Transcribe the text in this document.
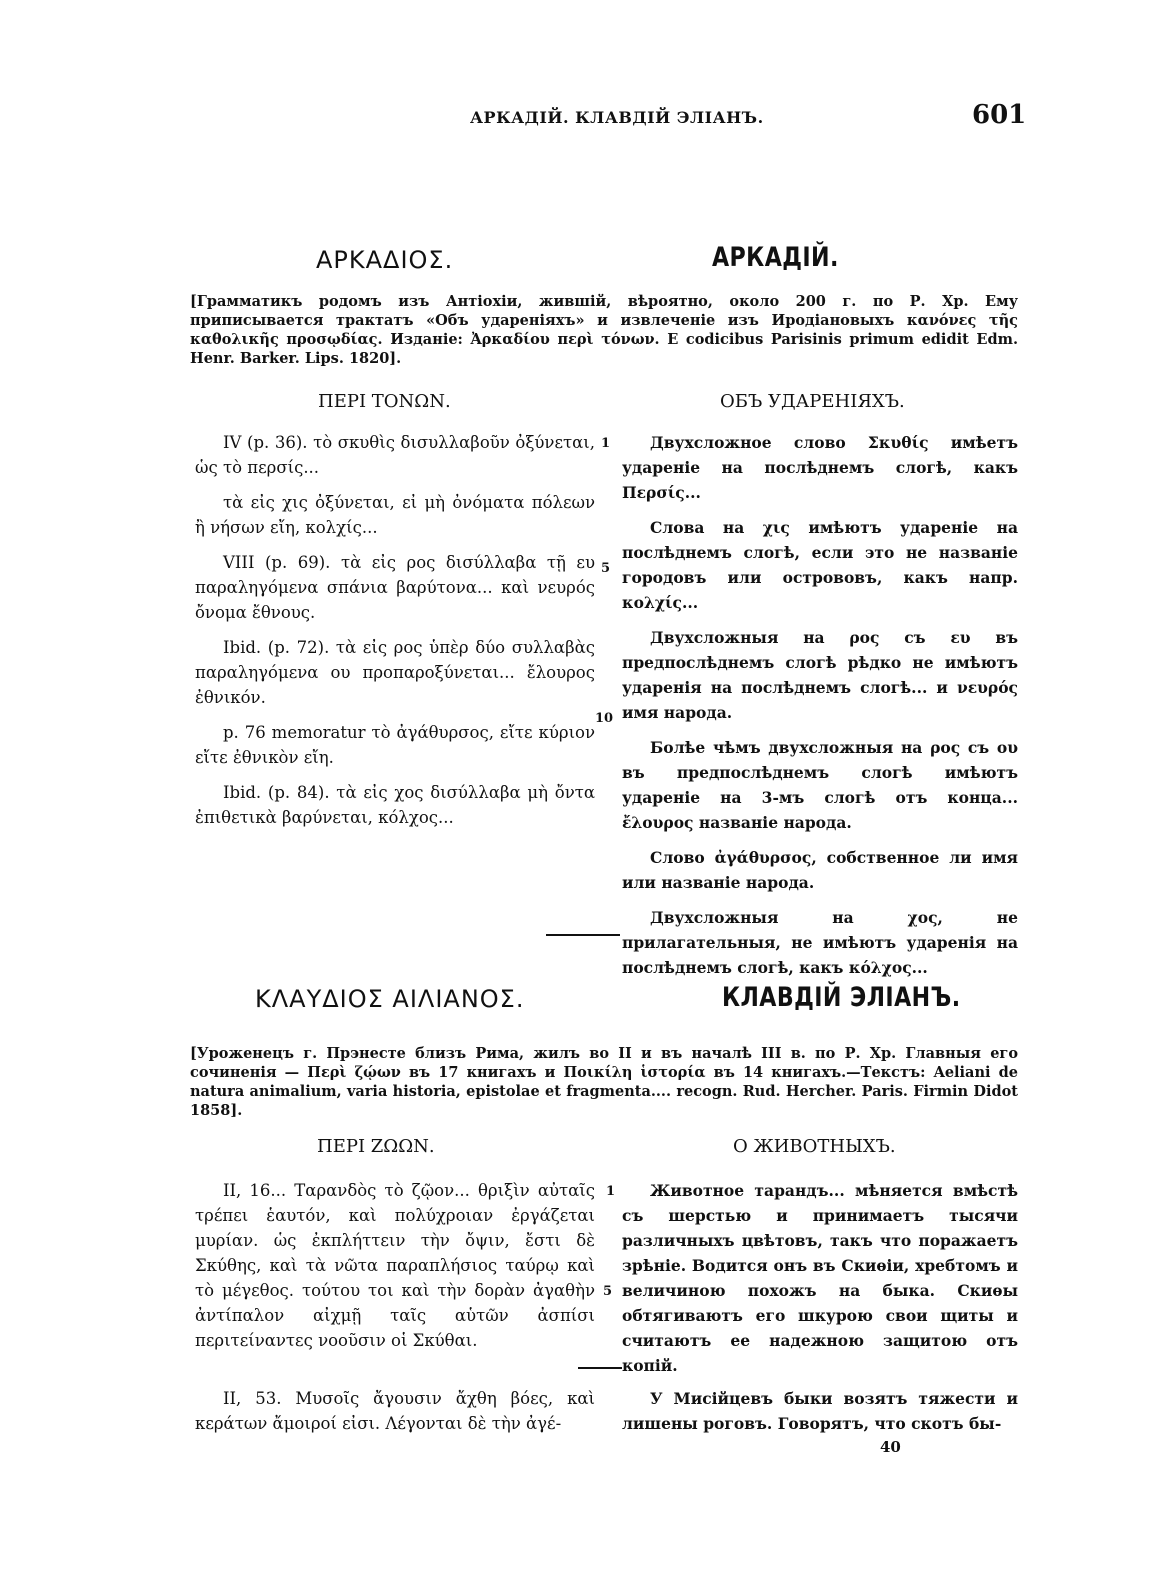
АРКАДІЙ. КЛАВДІЙ ЭЛІАНЪ.	601
ΑΡΚΑΔΙΟΣ.	АРКАДІЙ.
[Грамматикъ родомъ изъ Антіохіи, жившій, вѣроятно, около 200 г. по Р. Хр. Ему приписывается трактатъ «Объ удареніяхъ» и извлеченіе изъ Иродіановыхъ κανόνες τῆς καθολικῆς προσῳδίας. Изданіе: Ἀρκαδίου περὶ τόνων. E codicibus Parisinis primum edidit Edm. Henr. Barker. Lips. 1820].
ΠΕΡΙ ΤΟΝΩΝ.	ОБЪ УДАРЕНІЯХЪ.

IV (p. 36). τὸ σκυθὶς δισυλλαβοῦν ὀξύνεται, ὡς τὸ περσίς...

τὰ εἰς χις ὀξύνεται, εἰ μὴ ὀνόματα πόλεων ἢ νήσων εἴη, κολχίς...

VIII (p. 69). τὰ εἰς ρος δισύλλαβα τῇ ευ παραληγόμενα σπάνια βαρύτονα... καὶ νευρός ὄνομα ἔθνους.

Ibid. (p. 72). τὰ εἰς ρος ὑπὲρ δύο συλλαβὰς παραληγόμενα ου προπαροξύνεται... ἔλουρος ἐθνικόν.

p. 76 memoratur τὸ ἀγάθυρσος, εἴτε κύριον εἴτε ἐθνικὸν εἴη.

Ibid. (p. 84). τὰ εἰς χος δισύλλαβα μὴ ὄντα ἐπιθετικὰ βαρύνεται, κόλχος...

1
5
10

Двухсложное слово Σκυθίς имѣетъ удареніе на послѣднемъ слогѣ, какъ Περσίς...

Слова на χις имѣютъ удареніе на послѣднемъ слогѣ, если это не названіе городовъ или острововъ, какъ напр. κολχίς...

Двухсложныя на ρος съ ευ въ предпослѣднемъ слогѣ рѣдко не имѣютъ ударенія на послѣднемъ слогѣ... и νευρός имя народа.

Болѣе чѣмъ двухсложныя на ρος съ ου въ предпослѣднемъ слогѣ имѣютъ удареніе на 3-мъ слогѣ отъ конца... ἔλουρος названіе народа.

Слово ἀγάθυρσος, собственное ли имя или названіе народа.

Двухсложныя на χος, не прилагательныя, не имѣютъ ударенія на послѣднемъ слогѣ, какъ κόλχος...

ΚΛΑΥΔΙΟΣ ΑΙΛΙΑΝΟΣ.	КЛАВДІЙ ЭЛІАНЪ.
[Уроженецъ г. Прэнесте близъ Рима, жилъ во II и въ началѣ III в. по Р. Хр. Главныя его сочиненія — Περὶ ζῴων въ 17 книгахъ и Ποικίλη ἱστορία въ 14 книгахъ.—Текстъ: Aeliani de natura animalium, varia historia, epistolae et fragmenta.... recogn. Rud. Hercher. Paris. Firmin Didot 1858].
ΠΕΡΙ ΖΩΩΝ.	О ЖИВОТНЫХЪ.

II, 16... Ταρανδὸς τὸ ζῷον... θριξὶν αὐταῖς τρέπει ἑαυτόν, καὶ πολύχροιαν ἐργάζεται μυρίαν. ὡς ἐκπλήττειν τὴν ὄψιν, ἔστι δὲ Σκύθης, καὶ τὰ νῶτα παραπλήσιος ταύρῳ καὶ τὸ μέγεθος. τούτου τοι καὶ τὴν δορὰν ἀγαθὴν ἀντίπαλον αἰχμῇ ταῖς αὑτῶν ἀσπίσι περιτείναντες νοοῦσιν οἱ Σκύθαι.

1
5

Животное тарандъ... мѣняется вмѣстѣ съ шерстью и принимаетъ тысячи различныхъ цвѣтовъ, такъ что поражаетъ зрѣніе. Водится онъ въ Скиѳіи, хребтомъ и величиною похожъ на быка. Скиѳы обтягиваютъ его шкурою свои щиты и считаютъ ее надежною защитою отъ копій.

II, 53. Μυσοῖς ἄγουσιν ἄχθη βόες, καὶ κεράτων ἄμοιροί εἰσι. Λέγονται δὲ τὴν ἀγέ-

У Мисійцевъ быки возятъ тяжести и лишены роговъ. Говорятъ, что скотъ бы-

40
